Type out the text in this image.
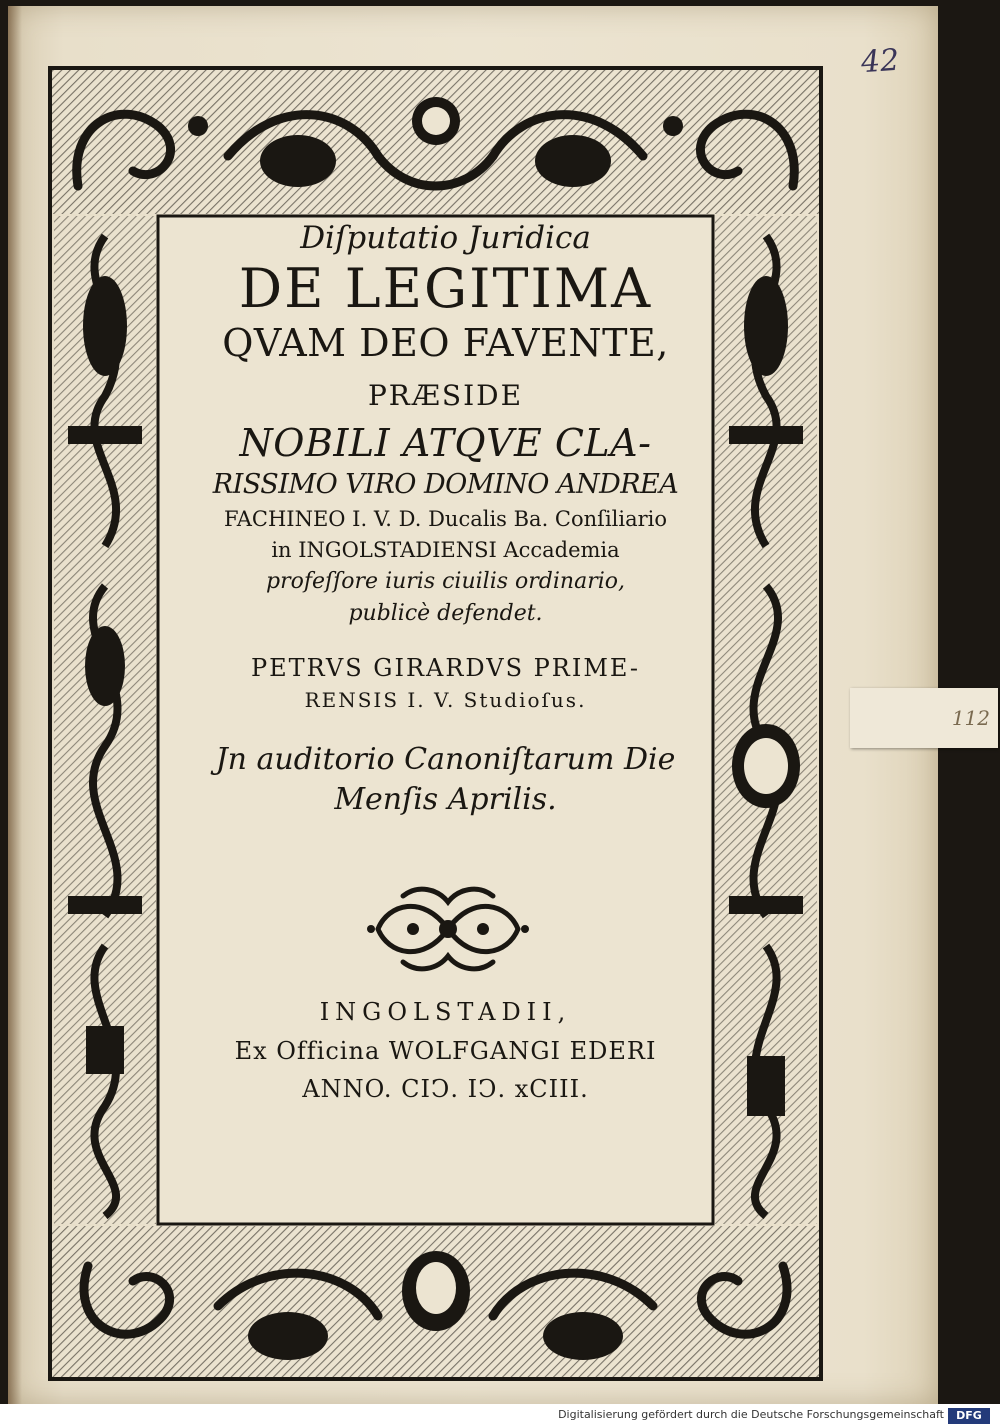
42
Diſputatio Juridica
DE LEGITIMA
QVAM DEO FAVENTE,
PRÆSIDE
NOBILI ATQVE CLA-
RISSIMO VIRO DOMINO ANDREA
FACHINEO I. V. D. Ducalis Ba. Conſiliario
in INGOLSTADIENSI Accademia
profeſſore iuris ciuilis ordinario,
publicè defendet.
PETRVS GIRARDVS PRIME-
RENSIS I. V. Studioſus.
Jn auditorio Canoniſtarum Die
Menſis Aprilis.
INGOLSTADII,
Ex Officina WOLFGANGI EDERI
ANNO. CIↃ. IↃ. xCIII.
112
Digitalisierung gefördert durch die Deutsche Forschungsgemeinschaft	DFG
